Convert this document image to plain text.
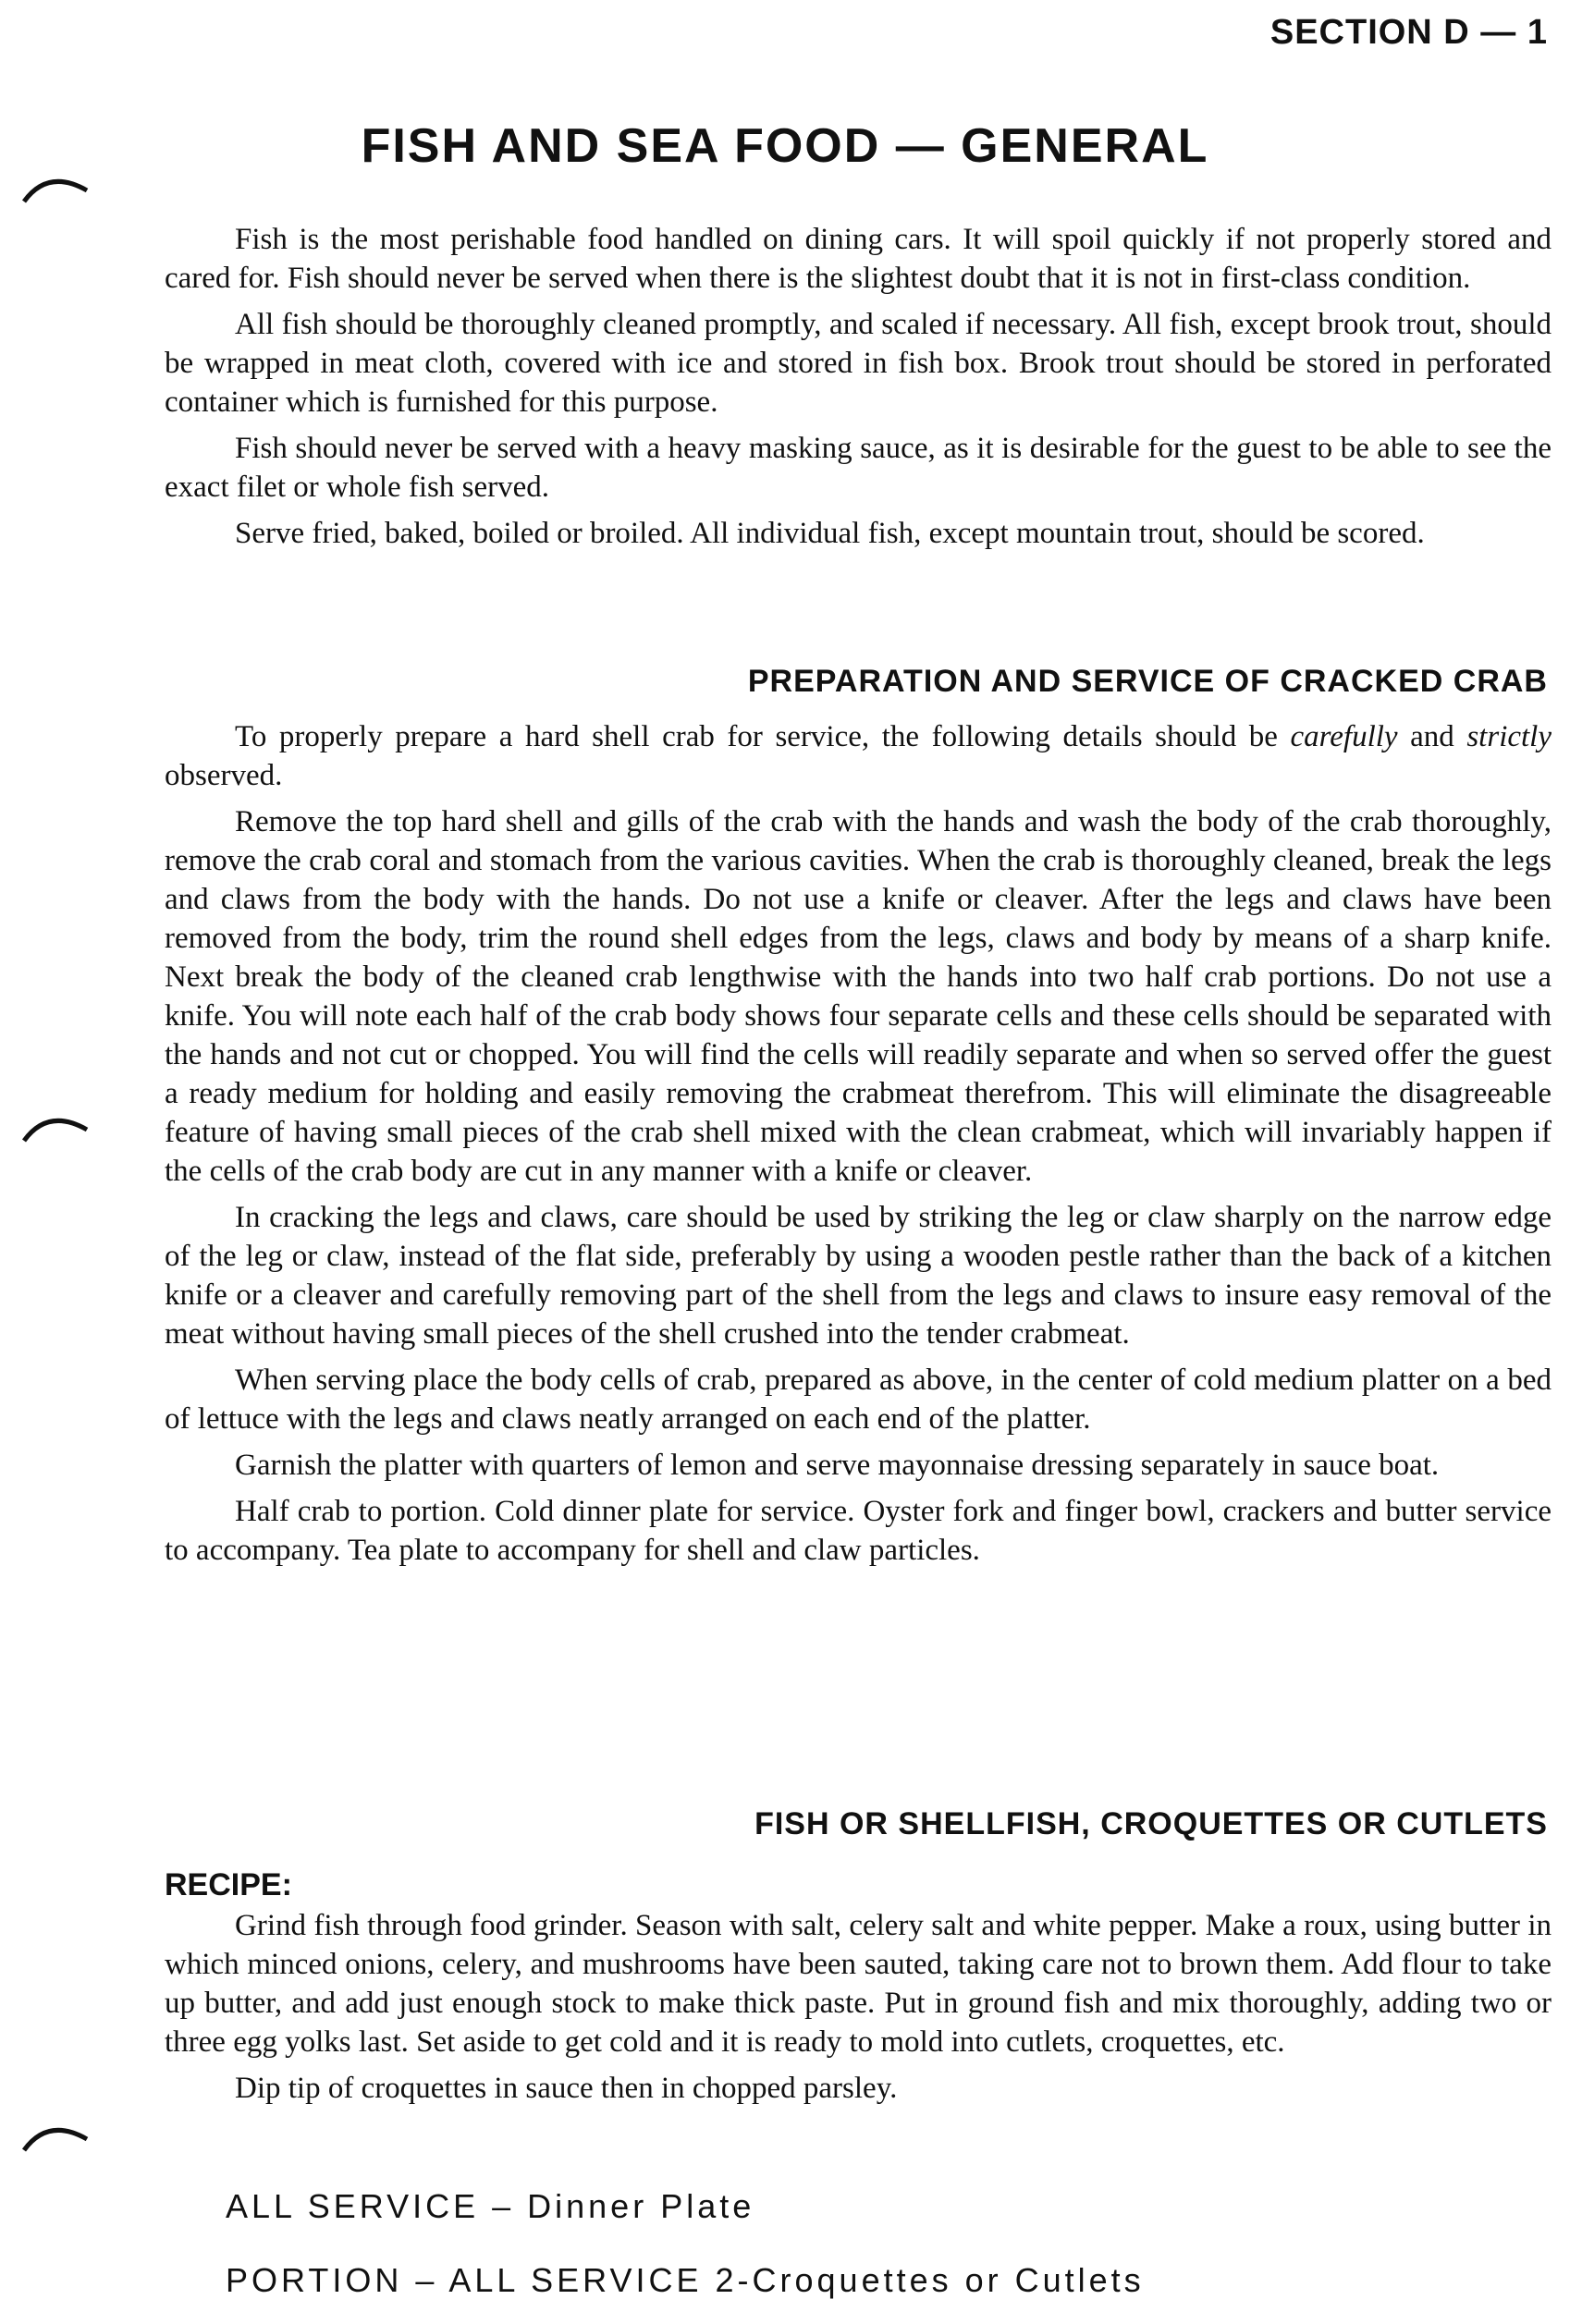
SECTION D — 1
FISH AND SEA FOOD — GENERAL

Fish is the most perishable food handled on dining cars. It will spoil quickly if not properly stored and cared for. Fish should never be served when there is the slightest doubt that it is not in first-class condition.

All fish should be thoroughly cleaned promptly, and scaled if necessary. All fish, except brook trout, should be wrapped in meat cloth, covered with ice and stored in fish box. Brook trout should be stored in perforated container which is furnished for this purpose.

Fish should never be served with a heavy masking sauce, as it is desirable for the guest to be able to see the exact filet or whole fish served.

Serve fried, baked, boiled or broiled. All individual fish, except mountain trout, should be scored.

PREPARATION AND SERVICE OF CRACKED CRAB

To properly prepare a hard shell crab for service, the following details should be carefully and strictly observed.

Remove the top hard shell and gills of the crab with the hands and wash the body of the crab thoroughly, remove the crab coral and stomach from the various cavities. When the crab is thoroughly cleaned, break the legs and claws from the body with the hands. Do not use a knife or cleaver. After the legs and claws have been removed from the body, trim the round shell edges from the legs, claws and body by means of a sharp knife. Next break the body of the cleaned crab lengthwise with the hands into two half crab portions. Do not use a knife. You will note each half of the crab body shows four separate cells and these cells should be separated with the hands and not cut or chopped. You will find the cells will readily separate and when so served offer the guest a ready medium for holding and easily removing the crabmeat therefrom. This will eliminate the disagreeable feature of having small pieces of the crab shell mixed with the clean crabmeat, which will invariably happen if the cells of the crab body are cut in any manner with a knife or cleaver.

In cracking the legs and claws, care should be used by striking the leg or claw sharply on the narrow edge of the leg or claw, instead of the flat side, preferably by using a wooden pestle rather than the back of a kitchen knife or a cleaver and carefully removing part of the shell from the legs and claws to insure easy removal of the meat without having small pieces of the shell crushed into the tender crabmeat.

When serving place the body cells of crab, prepared as above, in the center of cold medium platter on a bed of lettuce with the legs and claws neatly arranged on each end of the platter.

Garnish the platter with quarters of lemon and serve mayonnaise dressing separately in sauce boat.

Half crab to portion. Cold dinner plate for service. Oyster fork and finger bowl, crackers and butter service to accompany. Tea plate to accompany for shell and claw particles.

FISH OR SHELLFISH, CROQUETTES OR CUTLETS
RECIPE:

Grind fish through food grinder. Season with salt, celery salt and white pepper. Make a roux, using butter in which minced onions, celery, and mushrooms have been sauted, taking care not to brown them. Add flour to take up butter, and add just enough stock to make thick paste. Put in ground fish and mix thoroughly, adding two or three egg yolks last. Set aside to get cold and it is ready to mold into cutlets, croquettes, etc.

Dip tip of croquettes in sauce then in chopped parsley.

ALL SERVICE – Dinner Plate
PORTION – ALL SERVICE 2-Croquettes or Cutlets
